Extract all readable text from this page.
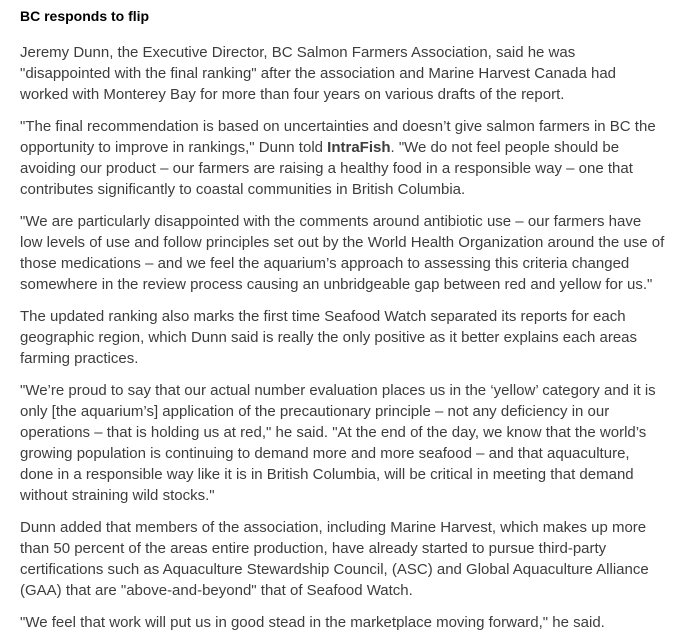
BC responds to flip

Jeremy Dunn, the Executive Director, BC Salmon Farmers Association, said he was "disappointed with the final ranking" after the association and Marine Harvest Canada had worked with Monterey Bay for more than four years on various drafts of the report.

"The final recommendation is based on uncertainties and doesn’t give salmon farmers in BC the opportunity to improve in rankings," Dunn told IntraFish. "We do not feel people should be avoiding our product – our farmers are raising a healthy food in a responsible way – one that contributes significantly to coastal communities in British Columbia.

"We are particularly disappointed with the comments around antibiotic use – our farmers have low levels of use and follow principles set out by the World Health Organization around the use of those medications – and we feel the aquarium’s approach to assessing this criteria changed somewhere in the review process causing an unbridgeable gap between red and yellow for us."

The updated ranking also marks the first time Seafood Watch separated its reports for each geographic region, which Dunn said is really the only positive as it better explains each areas farming practices.

"We’re proud to say that our actual number evaluation places us in the ‘yellow’ category and it is only [the aquarium’s] application of the precautionary principle – not any deficiency in our operations – that is holding us at red," he said. "At the end of the day, we know that the world’s growing population is continuing to demand more and more seafood – and that aquaculture, done in a responsible way like it is in British Columbia, will be critical in meeting that demand without straining wild stocks."

Dunn added that members of the association, including Marine Harvest, which makes up more than 50 percent of the areas entire production, have already started to pursue third-party certifications such as Aquaculture Stewardship Council, (ASC) and Global Aquaculture Alliance (GAA) that are "above-and-beyond" that of Seafood Watch.

"We feel that work will put us in good stead in the marketplace moving forward," he said.
